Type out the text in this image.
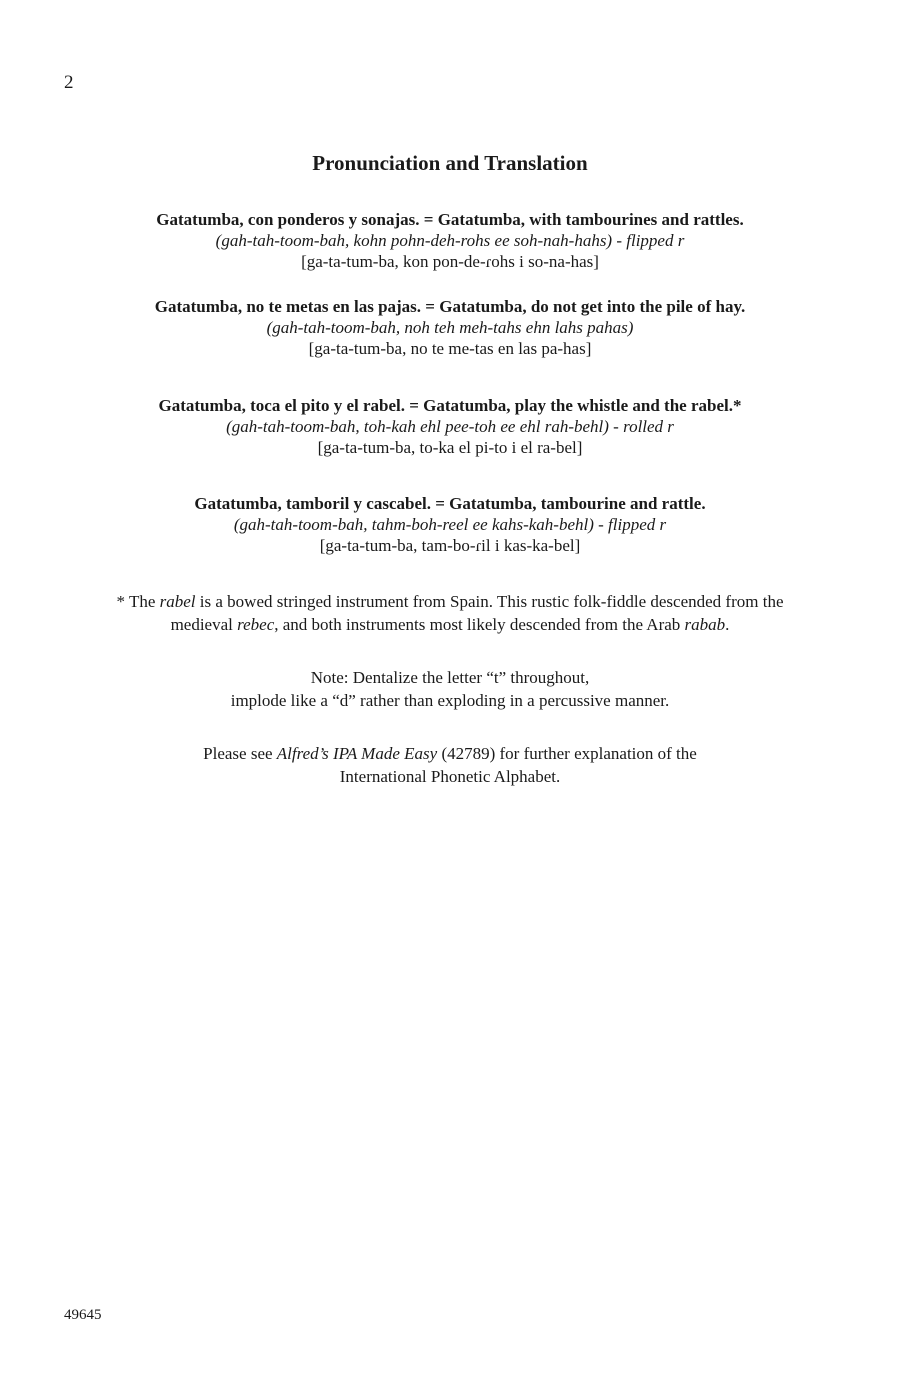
2
Pronunciation and Translation
Gatatumba, con ponderos y sonajas. = Gatatumba, with tambourines and rattles.
(gah-tah-toom-bah, kohn pohn-deh-rohs ee soh-nah-hahs) - flipped r
[ga-ta-tum-ba, kon pon-de-ɾohs i so-na-has]
Gatatumba, no te metas en las pajas. = Gatatumba, do not get into the pile of hay.
(gah-tah-toom-bah, noh teh meh-tahs ehn lahs pahas)
[ga-ta-tum-ba, no te me-tas en las pa-has]
Gatatumba, toca el pito y el rabel. = Gatatumba, play the whistle and the rabel.*
(gah-tah-toom-bah, toh-kah ehl pee-toh ee ehl rah-behl) - rolled r
[ga-ta-tum-ba, to-ka el pi-to i el ra-bel]
Gatatumba, tamboril y cascabel. = Gatatumba, tambourine and rattle.
(gah-tah-toom-bah, tahm-boh-reel ee kahs-kah-behl) - flipped r
[ga-ta-tum-ba, tam-bo-ɾil i kas-ka-bel]

* The rabel is a bowed stringed instrument from Spain. This rustic folk-fiddle descended from the

medieval rebec, and both instruments most likely descended from the Arab rabab.

Note: Dentalize the letter “t” throughout,

implode like a “d” rather than exploding in a percussive manner.

Please see Alfred’s IPA Made Easy (42789) for further explanation of the

International Phonetic Alphabet.

49645
